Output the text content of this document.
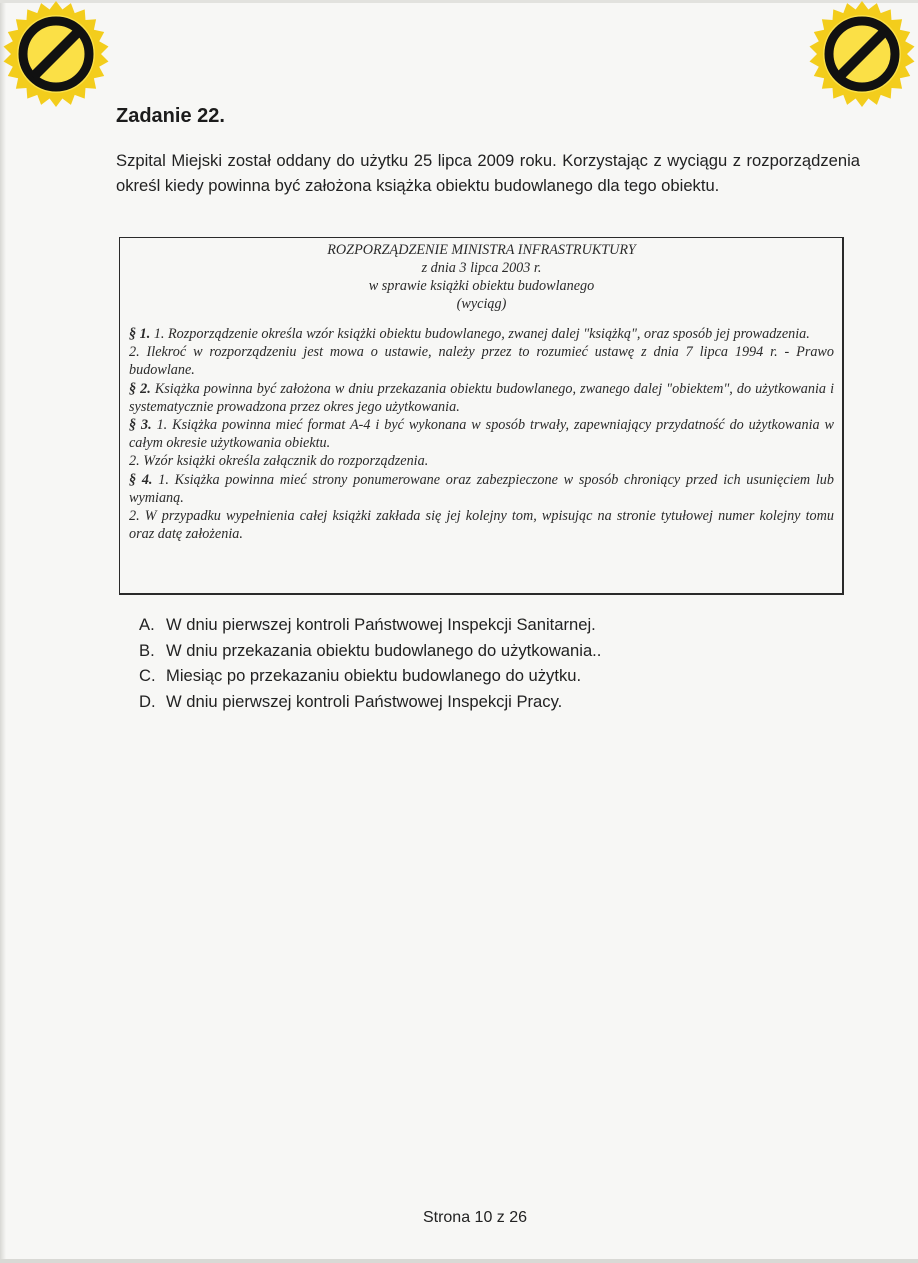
Zadanie 22.

Szpital Miejski został oddany do użytku 25 lipca 2009 roku. Korzystając z wyciągu z rozporządzenia określ kiedy powinna być założona książka obiektu budowlanego dla tego obiektu.

ROZPORZĄDZENIE MINISTRA INFRASTRUKTURY
z dnia 3 lipca 2003 r.
w sprawie książki obiektu budowlanego
(wyciąg)

§ 1. 1. Rozporządzenie określa wzór książki obiektu budowlanego, zwanej dalej "książką", oraz sposób jej prowadzenia.

2. Ilekroć w rozporządzeniu jest mowa o ustawie, należy przez to rozumieć ustawę z dnia 7 lipca 1994 r. - Prawo budowlane.

§ 2. Książka powinna być założona w dniu przekazania obiektu budowlanego, zwanego dalej "obiektem", do użytkowania i systematycznie prowadzona przez okres jego użytkowania.

§ 3. 1. Książka powinna mieć format A-4 i być wykonana w sposób trwały, zapewniający przydatność do użytkowania w całym okresie użytkowania obiektu.

2. Wzór książki określa załącznik do rozporządzenia.

§ 4. 1. Książka powinna mieć strony ponumerowane oraz zabezpieczone w sposób chroniący przed ich usunięciem lub wymianą.

2. W przypadku wypełnienia całej książki zakłada się jej kolejny tom, wpisując na stronie tytułowej numer kolejny tomu oraz datę założenia.

A. W dniu pierwszej kontroli Państwowej Inspekcji Sanitarnej.
B. W dniu przekazania obiektu budowlanego do użytkowania..
C. Miesiąc po przekazaniu obiektu budowlanego do użytku.
D. W dniu pierwszej kontroli Państwowej Inspekcji Pracy.
Strona 10 z 26
